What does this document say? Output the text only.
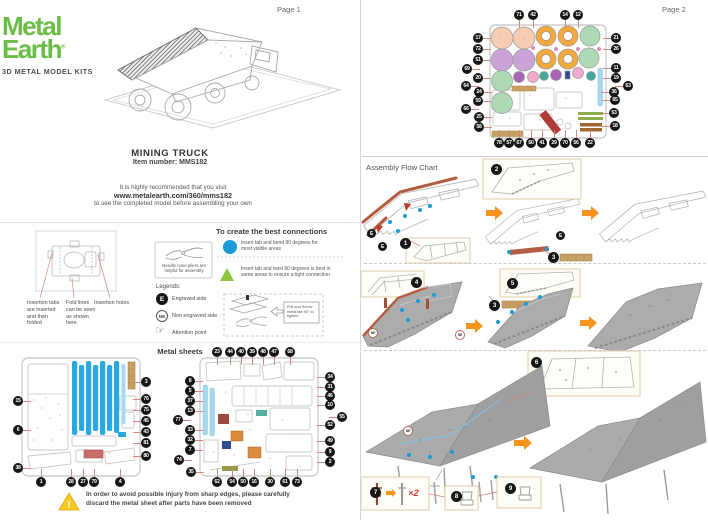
!
Page 1
Metal
Earth®
3D METAL MODEL KITS
MINING TRUCK
Item number: MMS182
It is highly recommended that you visit
www.metalearth.com/360/mms182
to see the completed model before assembling your own
Insertion tabs are inserted and then folded
Fold lines can be seen as shown here
Insertion holes
Needle nose pliers are helpful for assembly
Legends:
E	Engraved side
NE	Non engraved side
☞ Attention point
To create the best connections
Insert tab and bend 90 degrees for most visible areas
Insert tab and twist 90 degrees is best in some areas to ensure a tight connection
Pull and Screw metal tab 90° to tighten
Metal sheets
In order to avoid possible injury from sharp edges, please carefully
discard the metal sheet after parts have been removed
Page 2
Assembly Flow Chart
×2
1
2
3
4	5
3
6
7
8
9
E
E
E
NE	NE
NE
15
6
38
3
76
75
45
43
81
80
1	28	27	79	4
23	44	40	39	48	47	68
8
5
37
13
77
33
32
7
74
35
34
31
46
10
55
52
49
9
2
62	54	50	16	30	61	73
71	42	14	12
17
72
51
69
20
64
24
59
66
25
58
21
26
11
19
63
36
65
53
18
78 57 67	60	41	29	70	56	22
